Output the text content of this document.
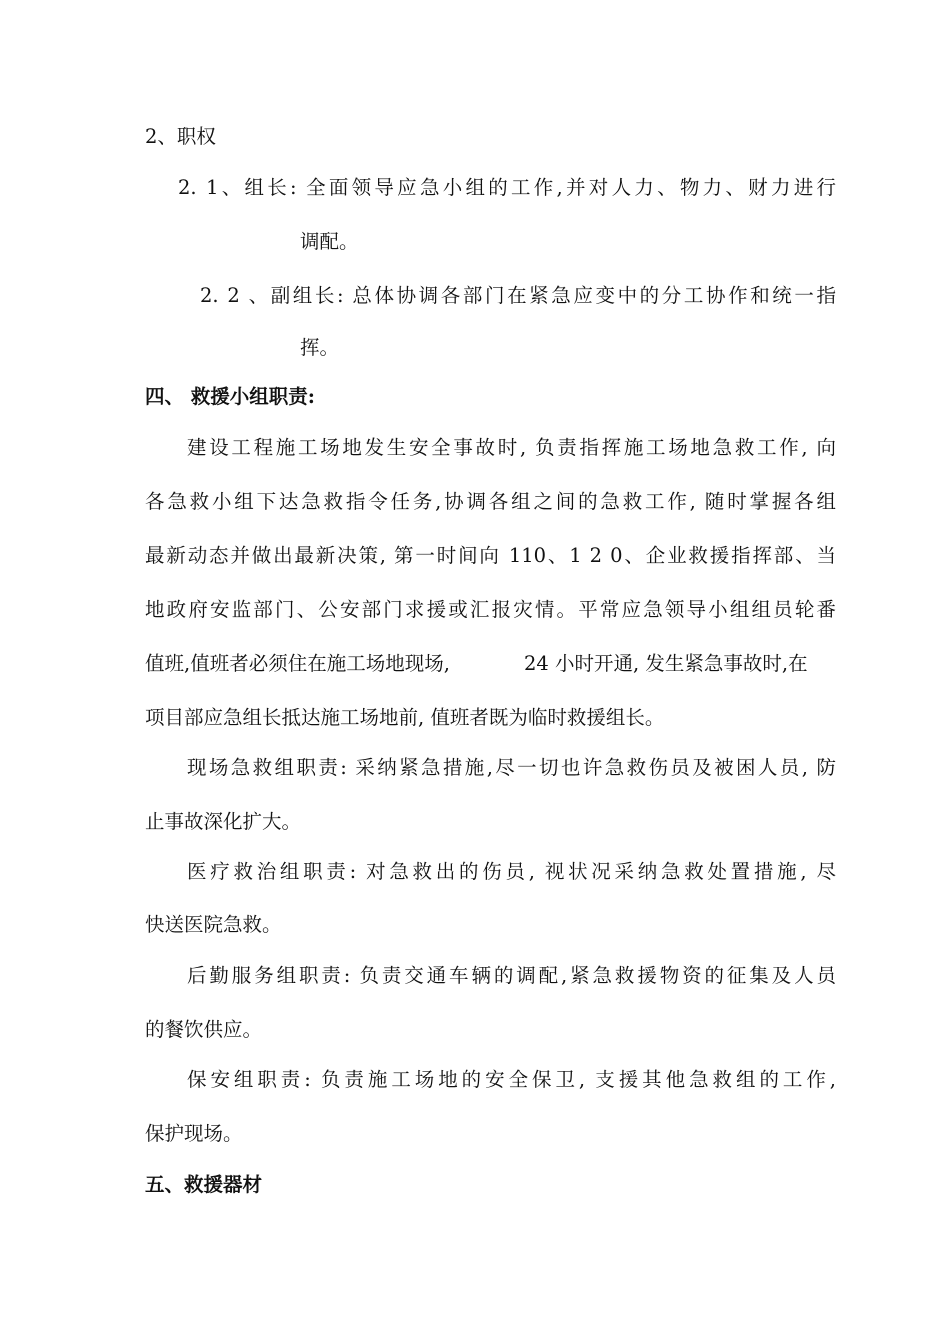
2、职权
2. 1、组长: 全面领导应急小组的工作,并对人力、物力、财力进行
调配。
2. 2 、副组长: 总体协调各部门在紧急应变中的分工协作和统一指
挥。
四、 救援小组职责:
建设工程施工场地发生安全事故时, 负责指挥施工场地急救工作, 向
各急救小组下达急救指令任务,协调各组之间的急救工作, 随时掌握各组
最新动态并做出最新决策, 第一时间向 110、1 2 0、企业救援指挥部、当
地政府安监部门、公安部门求援或汇报灾情。平常应急领导小组组员轮番
值班,值班者必须住在施工场地现场,	24 小时开通, 发生紧急事故时,在
项目部应急组长抵达施工场地前, 值班者既为临时救援组长。
现场急救组职责: 采纳紧急措施,尽一切也许急救伤员及被困人员, 防
止事故深化扩大。
医疗救治组职责: 对急救出的伤员, 视状况采纳急救处置措施, 尽
快送医院急救。
后勤服务组职责: 负责交通车辆的调配,紧急救援物资的征集及人员
的餐饮供应。
保安组职责: 负责施工场地的安全保卫, 支援其他急救组的工作,
保护现场。
五、救援器材
